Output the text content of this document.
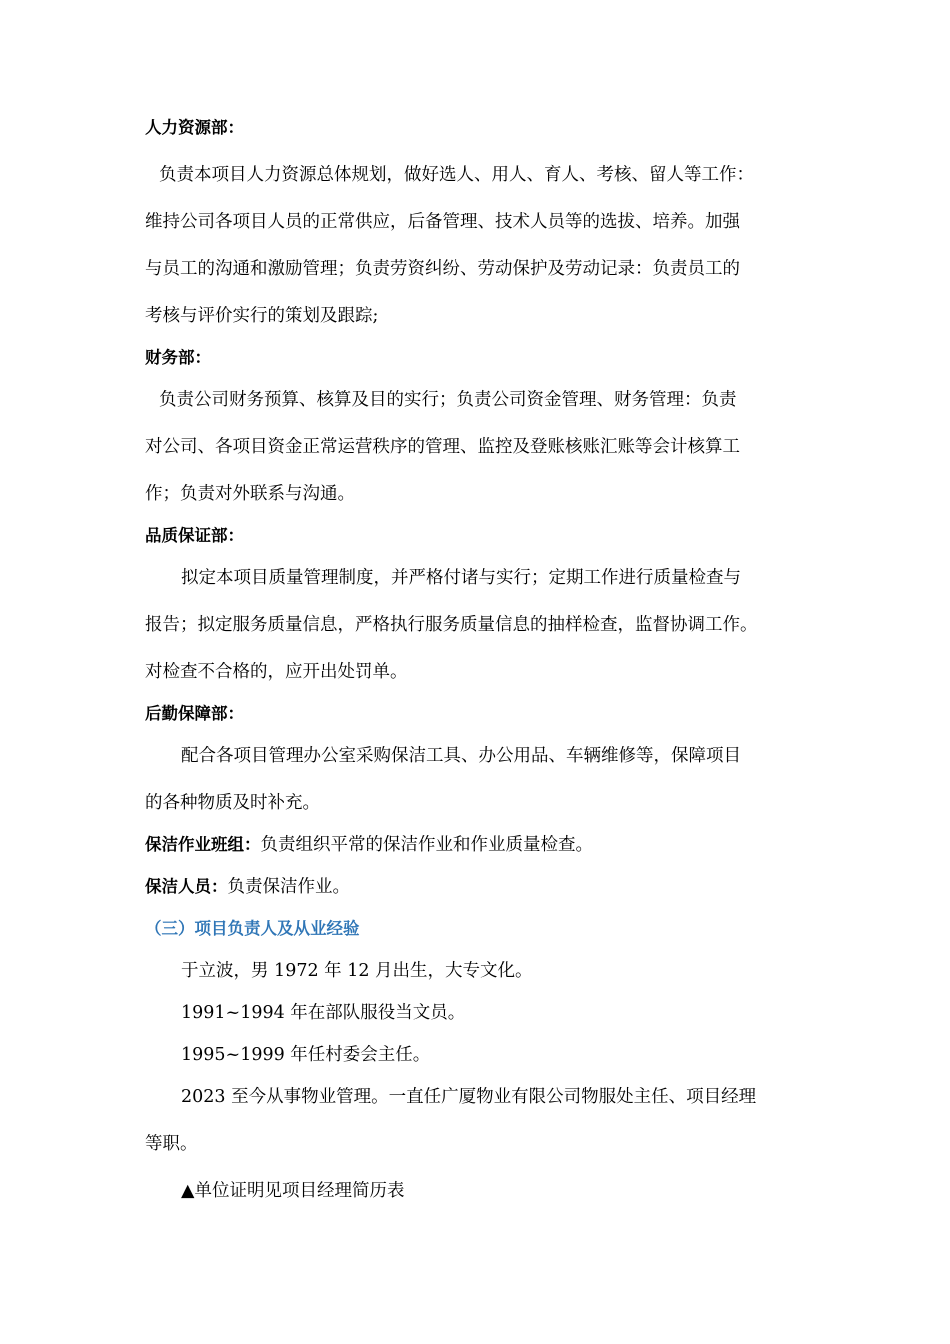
人力资源部：

负责本项目人力资源总体规划，做好选人、用人、育人、考核、留人等工作：

维持公司各项目人员的正常供应，后备管理、技术人员等的选拔、培养。加强

与员工的沟通和激励管理；负责劳资纠纷、劳动保护及劳动记录：负责员工的

考核与评价实行的策划及跟踪;

财务部：

负责公司财务预算、核算及目的实行；负责公司资金管理、财务管理：负责

对公司、各项目资金正常运营秩序的管理、监控及登账核账汇账等会计核算工

作；负责对外联系与沟通。

品质保证部：

拟定本项目质量管理制度，并严格付诸与实行；定期工作进行质量检查与

报告；拟定服务质量信息，严格执行服务质量信息的抽样检查，监督协调工作。

对检查不合格的，应开出处罚单。

后勤保障部：

配合各项目管理办公室采购保洁工具、办公用品、车辆维修等，保障项目

的各种物质及时补充。

保洁作业班组：负责组织平常的保洁作业和作业质量检查。

保洁人员：负责保洁作业。

（三）项目负责人及从业经验

于立波，男 1972 年 12 月出生，大专文化。

1991~1994 年在部队服役当文员。

1995~1999 年任村委会主任。

2023 至今从事物业管理。一直任广厦物业有限公司物服处主任、项目经理

等职。

▲单位证明见项目经理简历表
